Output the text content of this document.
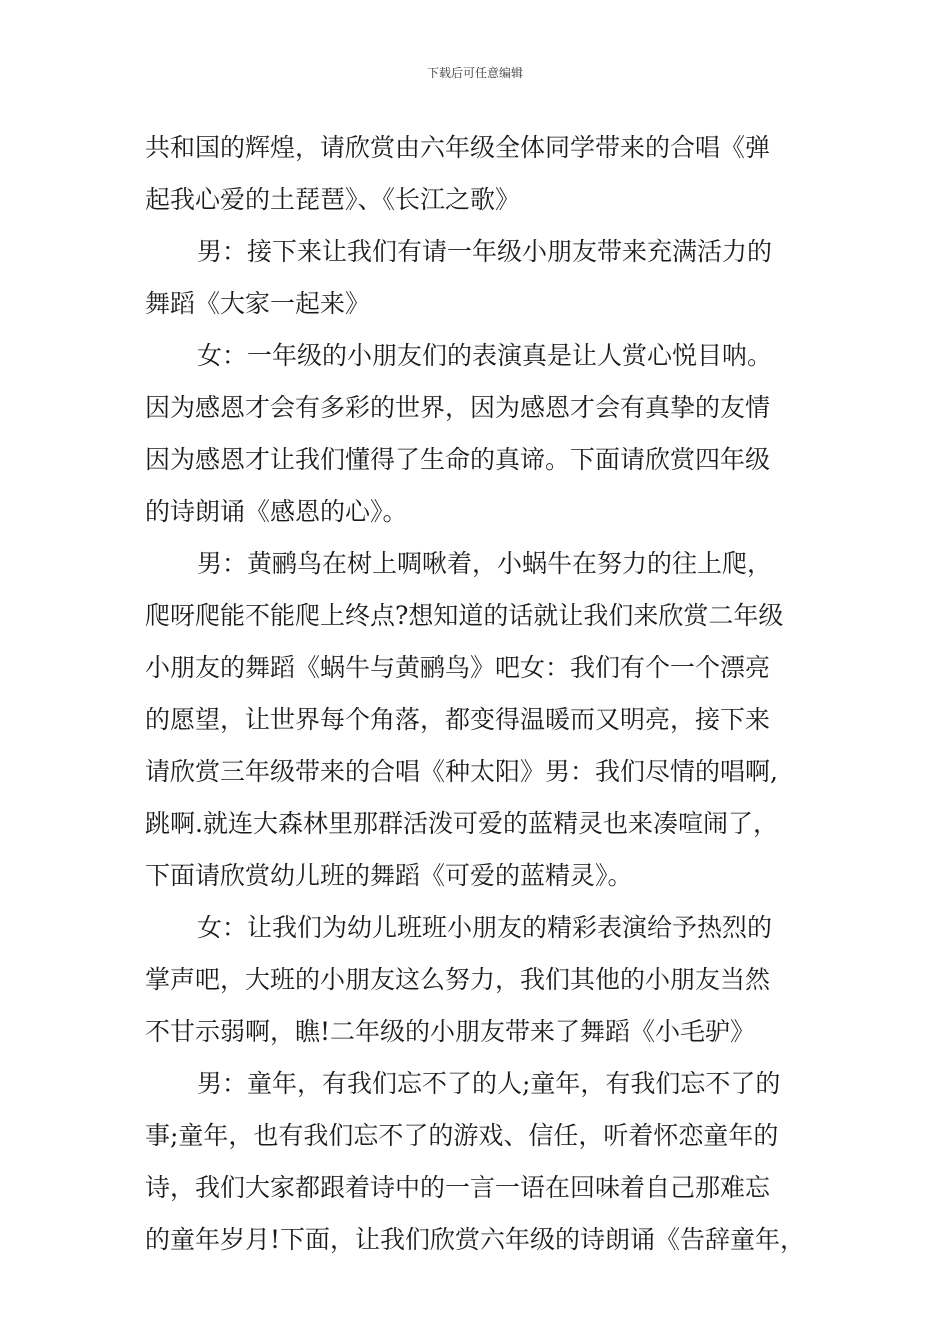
下载后可任意编辑
共和国的辉煌，请欣赏由六年级全体同学带来的合唱《弹
起我心爱的土琵琶》、《长江之歌》
男：接下来让我们有请一年级小朋友带来充满活力的
舞蹈《大家一起来》
女：一年级的小朋友们的表演真是让人赏心悦目呐。
因为感恩才会有多彩的世界，因为感恩才会有真挚的友情
因为感恩才让我们懂得了生命的真谛。下面请欣赏四年级
的诗朗诵《感恩的心》。
男：黄鹂鸟在树上啁啾着，小蜗牛在努力的往上爬，
爬呀爬能不能爬上终点?想知道的话就让我们来欣赏二年级
小朋友的舞蹈《蜗牛与黄鹂鸟》吧女：我们有个一个漂亮
的愿望，让世界每个角落，都变得温暖而又明亮，接下来
请欣赏三年级带来的合唱《种太阳》男：我们尽情的唱啊,
跳啊.就连大森林里那群活泼可爱的蓝精灵也来凑喧闹了，
下面请欣赏幼儿班的舞蹈《可爱的蓝精灵》。
女：让我们为幼儿班班小朋友的精彩表演给予热烈的
掌声吧，大班的小朋友这么努力，我们其他的小朋友当然
不甘示弱啊，瞧!二年级的小朋友带来了舞蹈《小毛驴》
男：童年，有我们忘不了的人;童年，有我们忘不了的
事;童年，也有我们忘不了的游戏、信任，听着怀恋童年的
诗，我们大家都跟着诗中的一言一语在回味着自己那难忘
的童年岁月!下面，让我们欣赏六年级的诗朗诵《告辞童年，
